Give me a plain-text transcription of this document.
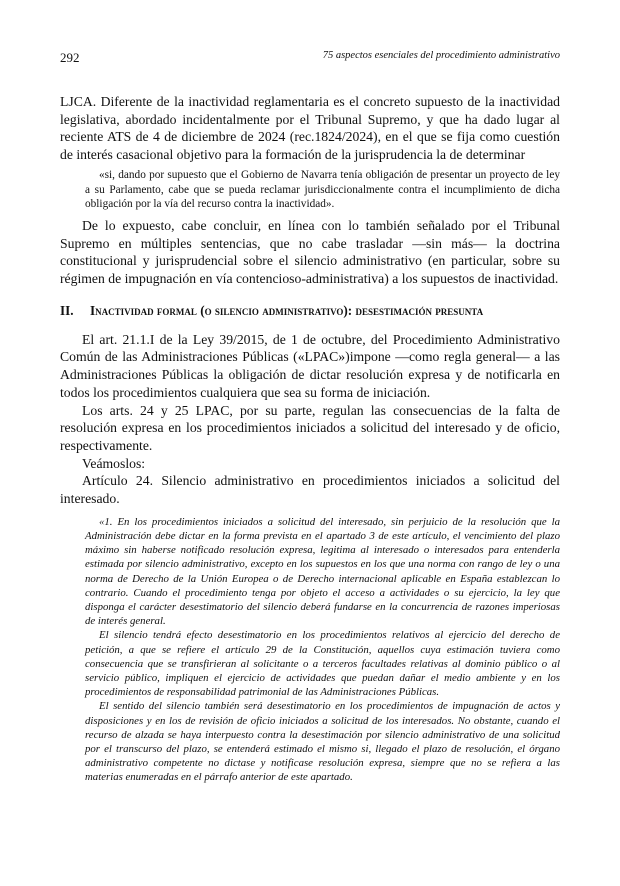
292	75 aspectos esenciales del procedimiento administrativo

LJCA. Diferente de la inactividad reglamentaria es el concreto supuesto de la inactividad legislativa, abordado incidentalmente por el Tribunal Supremo, y que ha dado lugar al reciente ATS de 4 de diciembre de 2024 (rec.1824/2024), en el que se fija como cuestión de interés casacional objetivo para la formación de la jurisprudencia la de determinar

«si, dando por supuesto que el Gobierno de Navarra tenía obligación de presentar un proyecto de ley a su Parlamento, cabe que se pueda reclamar jurisdiccionalmente contra el incumplimiento de dicha obligación por la vía del recurso contra la inactividad».

De lo expuesto, cabe concluir, en línea con lo también señalado por el Tribunal Supremo en múltiples sentencias, que no cabe trasladar —sin más— la doctrina constitucional y jurisprudencial sobre el silencio administrativo (en particular, sobre su régimen de impugnación en vía contencioso-administrativa) a los supuestos de inactividad.

II.	Inactividad formal (o silencio administrativo): desestimación presunta

El art. 21.1.I de la Ley 39/2015, de 1 de octubre, del Procedimiento Administrativo Común de las Administraciones Públicas («LPAC»)impone —como regla general— a las Administraciones Públicas la obligación de dictar resolución expresa y de notificarla en todos los procedimientos cualquiera que sea su forma de iniciación.

Los arts. 24 y 25 LPAC, por su parte, regulan las consecuencias de la falta de resolución expresa en los procedimientos iniciados a solicitud del interesado y de oficio, respectivamente.

Veámoslos:

Artículo 24. Silencio administrativo en procedimientos iniciados a solicitud del interesado.

«1. En los procedimientos iniciados a solicitud del interesado, sin perjuicio de la resolución que la Administración debe dictar en la forma prevista en el apartado 3 de este artículo, el vencimiento del plazo máximo sin haberse notificado resolución expresa, legitima al interesado o interesados para entenderla estimada por silencio administrativo, excepto en los supuestos en los que una norma con rango de ley o una norma de Derecho de la Unión Europea o de Derecho internacional aplicable en España establezcan lo contrario. Cuando el procedimiento tenga por objeto el acceso a actividades o su ejercicio, la ley que disponga el carácter desestimatorio del silencio deberá fundarse en la concurrencia de razones imperiosas de interés general.

El silencio tendrá efecto desestimatorio en los procedimientos relativos al ejercicio del derecho de petición, a que se refiere el artículo 29 de la Constitución, aquellos cuya estimación tuviera como consecuencia que se transfirieran al solicitante o a terceros facultades relativas al dominio público o al servicio público, impliquen el ejercicio de actividades que puedan dañar el medio ambiente y en los procedimientos de responsabilidad patrimonial de las Administraciones Públicas.

El sentido del silencio también será desestimatorio en los procedimientos de impugnación de actos y disposiciones y en los de revisión de oficio iniciados a solicitud de los interesados. No obstante, cuando el recurso de alzada se haya interpuesto contra la desestimación por silencio administrativo de una solicitud por el transcurso del plazo, se entenderá estimado el mismo si, llegado el plazo de resolución, el órgano administrativo competente no dictase y notificase resolución expresa, siempre que no se refiera a las materias enumeradas en el párrafo anterior de este apartado.
